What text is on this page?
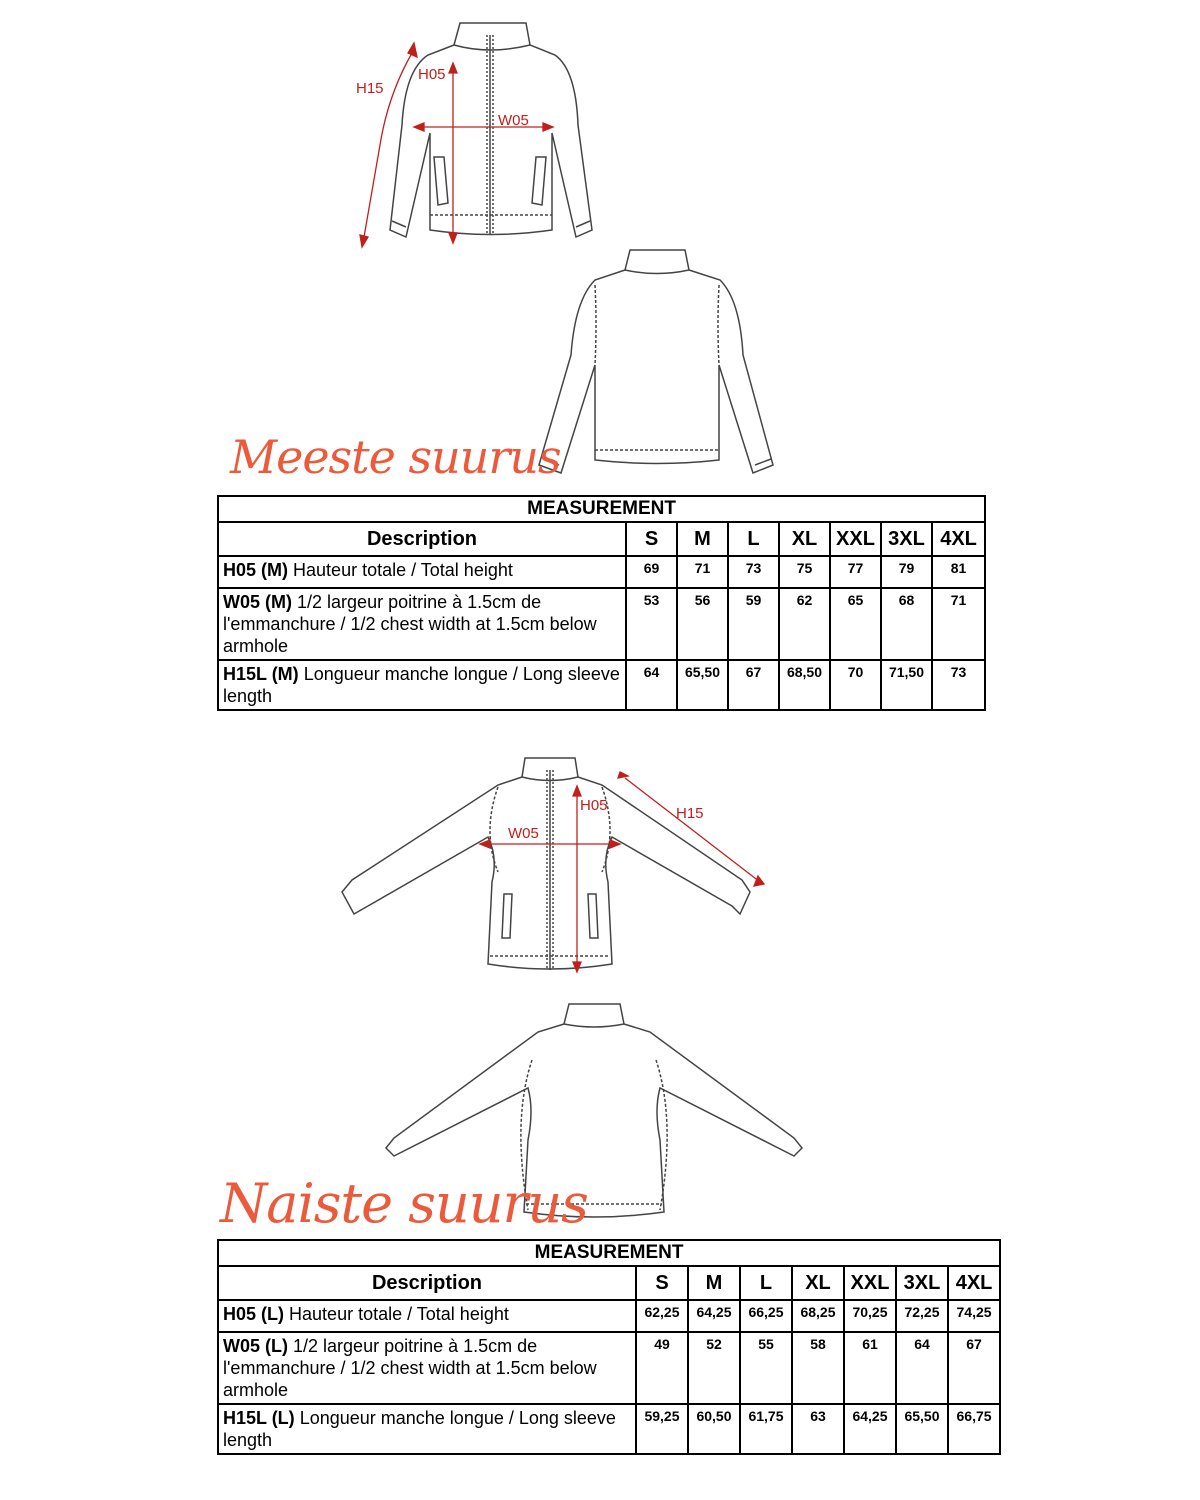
H05
H15
W05
Meeste suurus
MEASUREMENT							
Description	S	M	L	XL	XXL	3XL	4XL
H05 (M) Hauteur totale / Total height	69	71	73	75	77	79	81
W05 (M) 1/2 largeur poitrine à 1.5cm de l'emmanchure / 1/2 chest width at 1.5cm below armhole	53	56	59	62	65	68	71
H15L (M) Longueur manche longue / Long sleeve length	64	65,50	67	68,50	70	71,50	73
H05	H15
W05
Naiste suurus
MEASUREMENT							
Description	S	M	L	XL	XXL	3XL	4XL
H05 (L) Hauteur totale / Total height	62,25	64,25	66,25	68,25	70,25	72,25	74,25
W05 (L) 1/2 largeur poitrine à 1.5cm de l'emmanchure / 1/2 chest width at 1.5cm below armhole	49	52	55	58	61	64	67
H15L (L) Longueur manche longue / Long sleeve length	59,25	60,50	61,75	63	64,25	65,50	66,75
